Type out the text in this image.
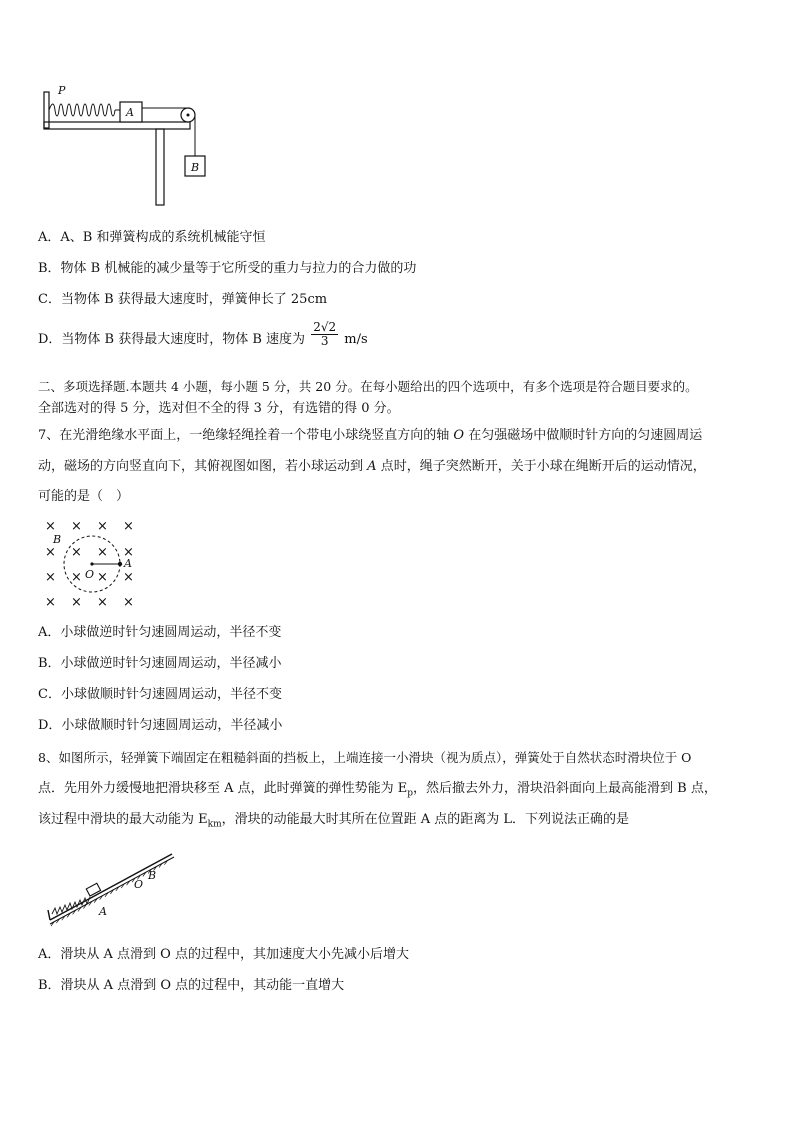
P
A
B
A．A、B 和弹簧构成的系统机械能守恒
B．物体 B 机械能的减少量等于它所受的重力与拉力的合力做的功
C．当物体 B 获得最大速度时，弹簧伸长了 25cm
D．当物体 B 获得最大速度时，物体 B 速度为 $\frac{2√2}{3} m/s$
二、多项选择题.本题共 4 小题，每小题 5 分，共 20 分。在每小题给出的四个选项中，有多个选项是符合题目要求的。
全部选对的得 5 分，选对但不全的得 3 分，有选错的得 0 分。
7、在光滑绝缘水平面上，一绝缘轻绳拴着一个带电小球绕竖直方向的轴 O 在匀强磁场中做顺时针方向的匀速圆周运
动，磁场的方向竖直向下，其俯视图如图，若小球运动到 A 点时，绳子突然断开，关于小球在绳断开后的运动情况，
可能的是（　）
× × × ×
× × × ×
× × × ×
× × × ×
B
O
A
A．小球做逆时针匀速圆周运动，半径不变
B．小球做逆时针匀速圆周运动，半径减小
C．小球做顺时针匀速圆周运动，半径不变
D．小球做顺时针匀速圆周运动，半径减小
8、如图所示，轻弹簧下端固定在粗糙斜面的挡板上，上端连接一小滑块（视为质点），弹簧处于自然状态时滑块位于 O
点．先用外力缓慢地把滑块移至 A 点，此时弹簧的弹性势能为 $E_p$，然后撤去外力，滑块沿斜面向上最高能滑到 B 点，
该过程中滑块的最大动能为 $E_{km}$，滑块的动能最大时其所在位置距 A 点的距离为 L．下列说法正确的是
A
O
B
A．滑块从 A 点滑到 O 点的过程中，其加速度大小先减小后增大
B．滑块从 A 点滑到 O 点的过程中，其动能一直增大
